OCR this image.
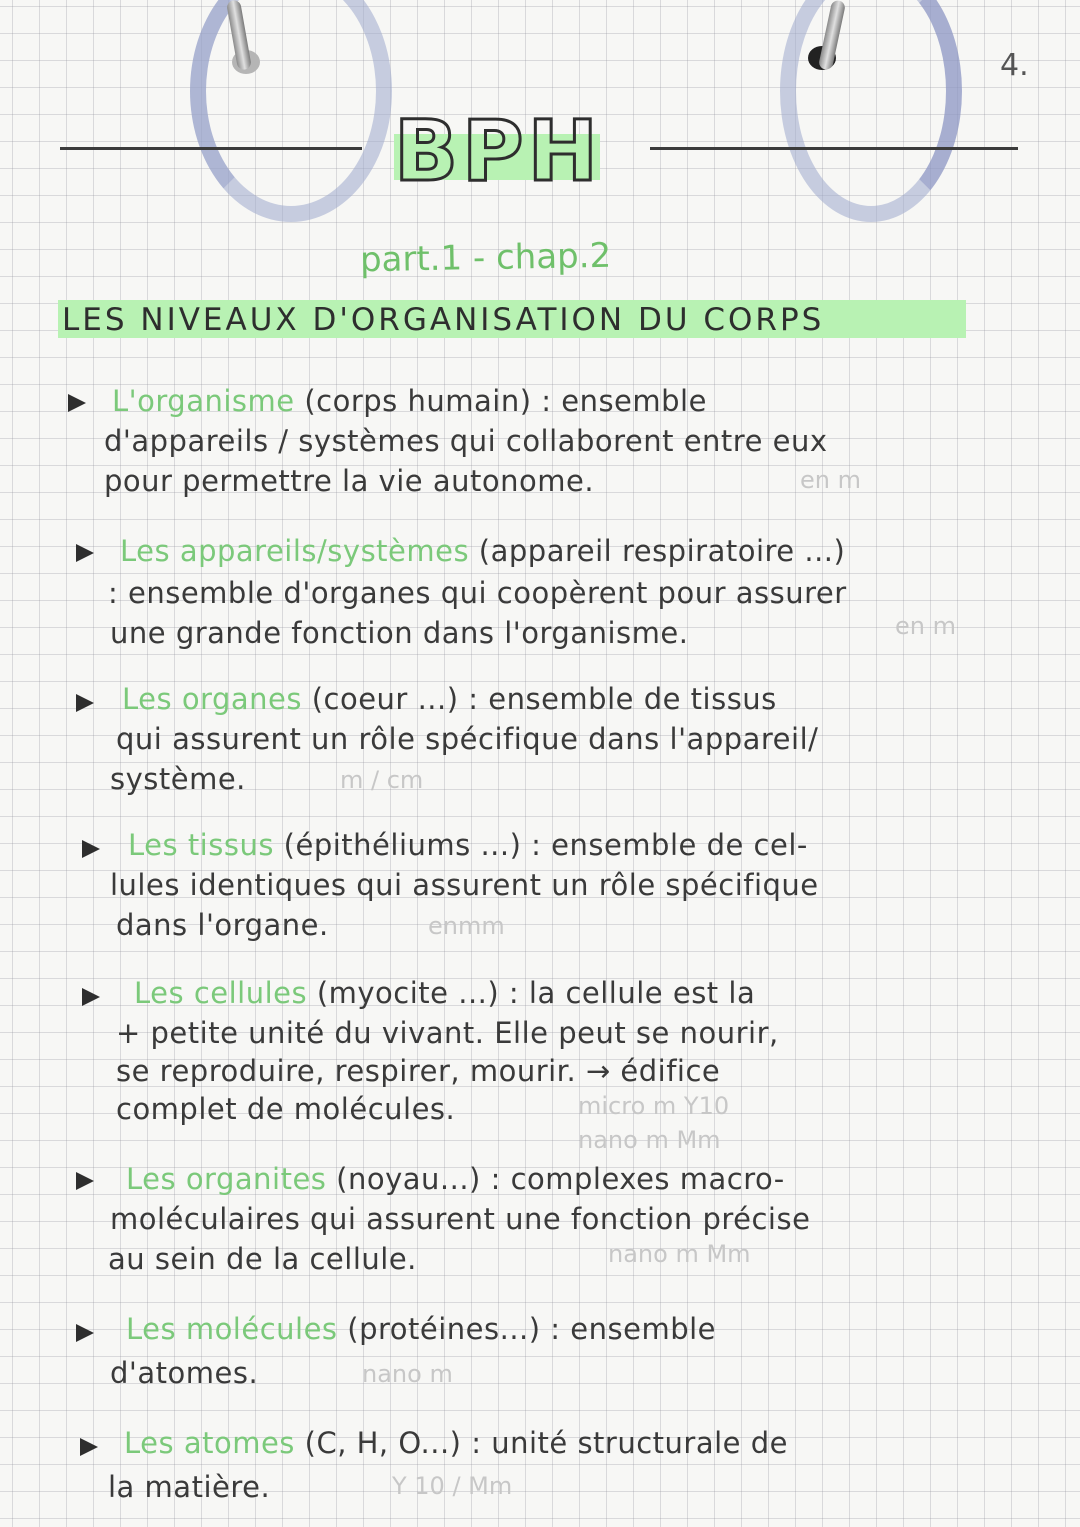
4.
BPH

part.1 - chap.2

LES NIVEAUX D'ORGANISATION DU CORPS
L'organisme (corps humain) : ensemble
d'appareils / systèmes qui collaborent entre eux
pour permettre la vie autonome.	en m
Les appareils/systèmes (appareil respiratoire ...)
: ensemble d'organes qui coopèrent pour assurer
une grande fonction dans l'organisme.	en m
Les organes (coeur ...) : ensemble de tissus
qui assurent un rôle spécifique dans l'appareil/
système.	m / cm
Les tissus (épithéliums ...) : ensemble de cel-
lules identiques qui assurent un rôle spécifique
dans l'organe.	enmm
Les cellules (myocite ...) : la cellule est la
+ petite unité du vivant. Elle peut se nourir,
se reproduire, respirer, mourir. → édifice
complet de molécules.	micro m Y10
nano m Mm
Les organites (noyau...) : complexes macro-
moléculaires qui assurent une fonction précise
au sein de la cellule.	nano m Mm
Les molécules (protéines...) : ensemble
d'atomes.	nano m
Les atomes (C, H, O...) : unité structurale de
la matière.	Y 10 / Mm
